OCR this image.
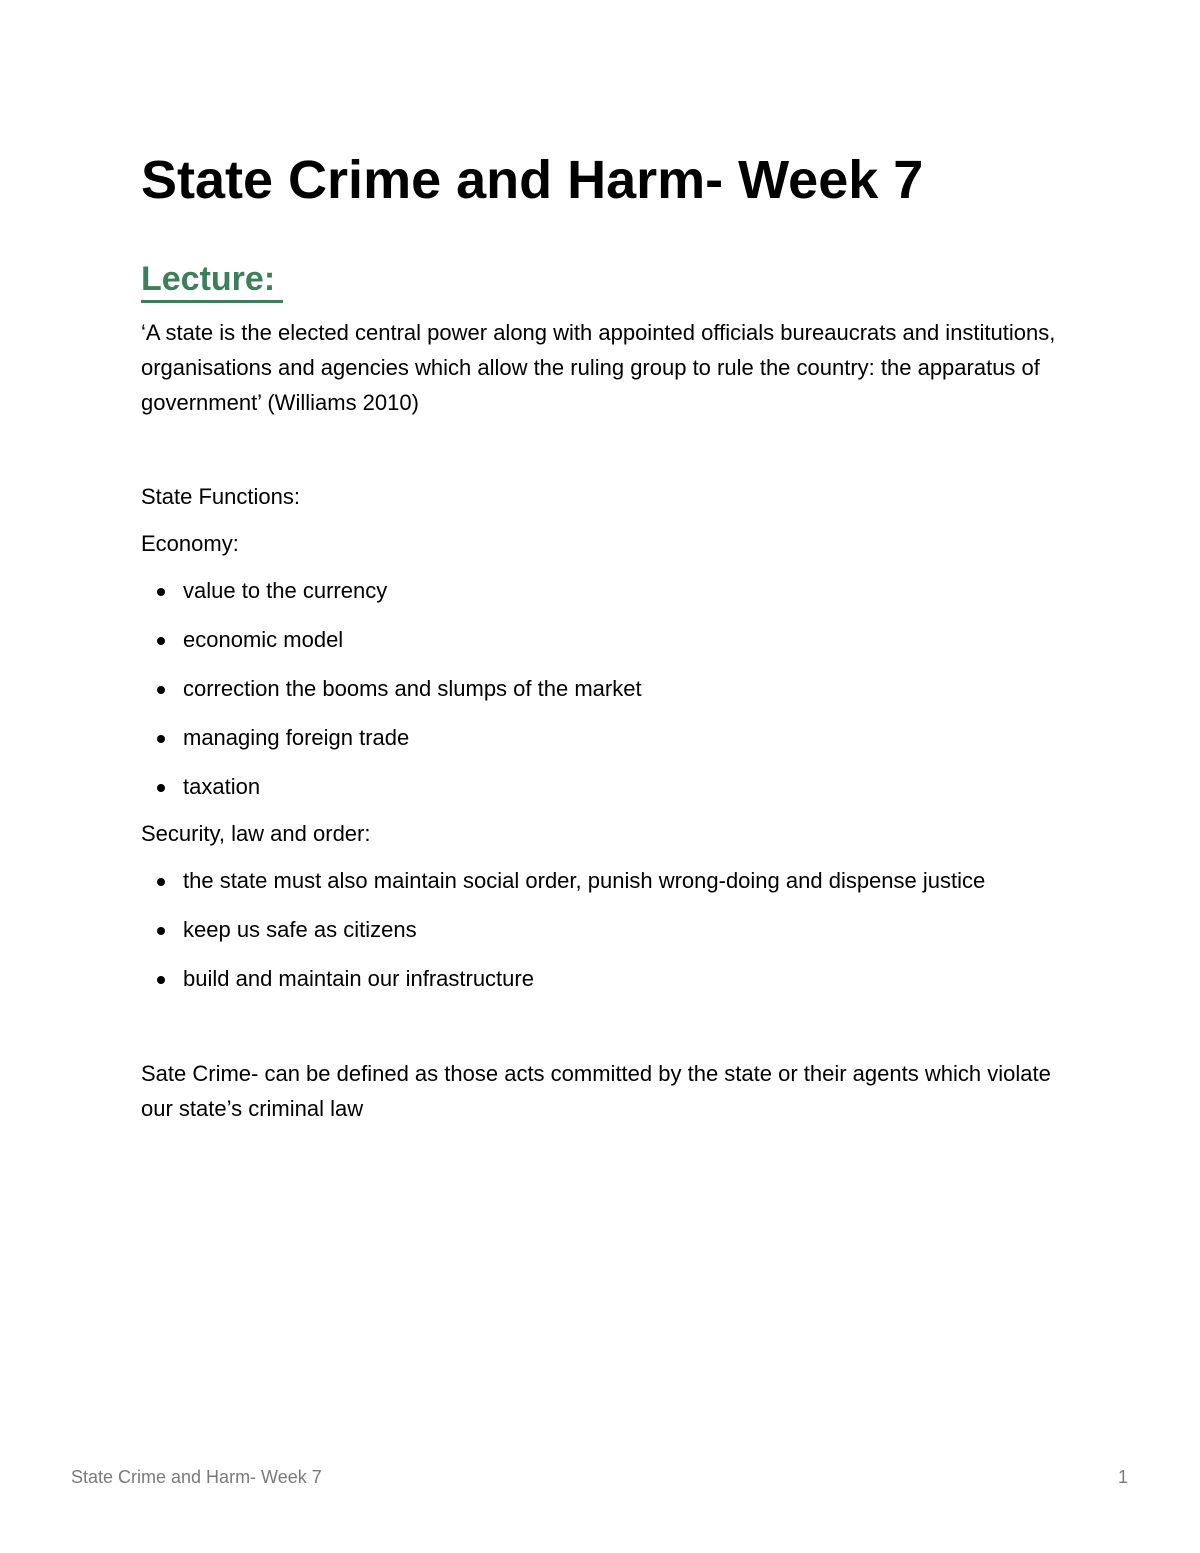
State Crime and Harm- Week 7
Lecture:

‘A state is the elected central power along with appointed officials bureaucrats and institutions, organisations and agencies which allow the ruling group to rule the country: the apparatus of government’ (Williams 2010)

State Functions:

Economy:

value to the currency
economic model
correction the booms and slumps of the market
managing foreign trade
taxation

Security, law and order:

the state must also maintain social order, punish wrong-doing and dispense justice
keep us safe as citizens
build and maintain our infrastructure

Sate Crime- can be defined as those acts committed by the state or their agents which violate our state’s criminal law

State Crime and Harm- Week 7	1
